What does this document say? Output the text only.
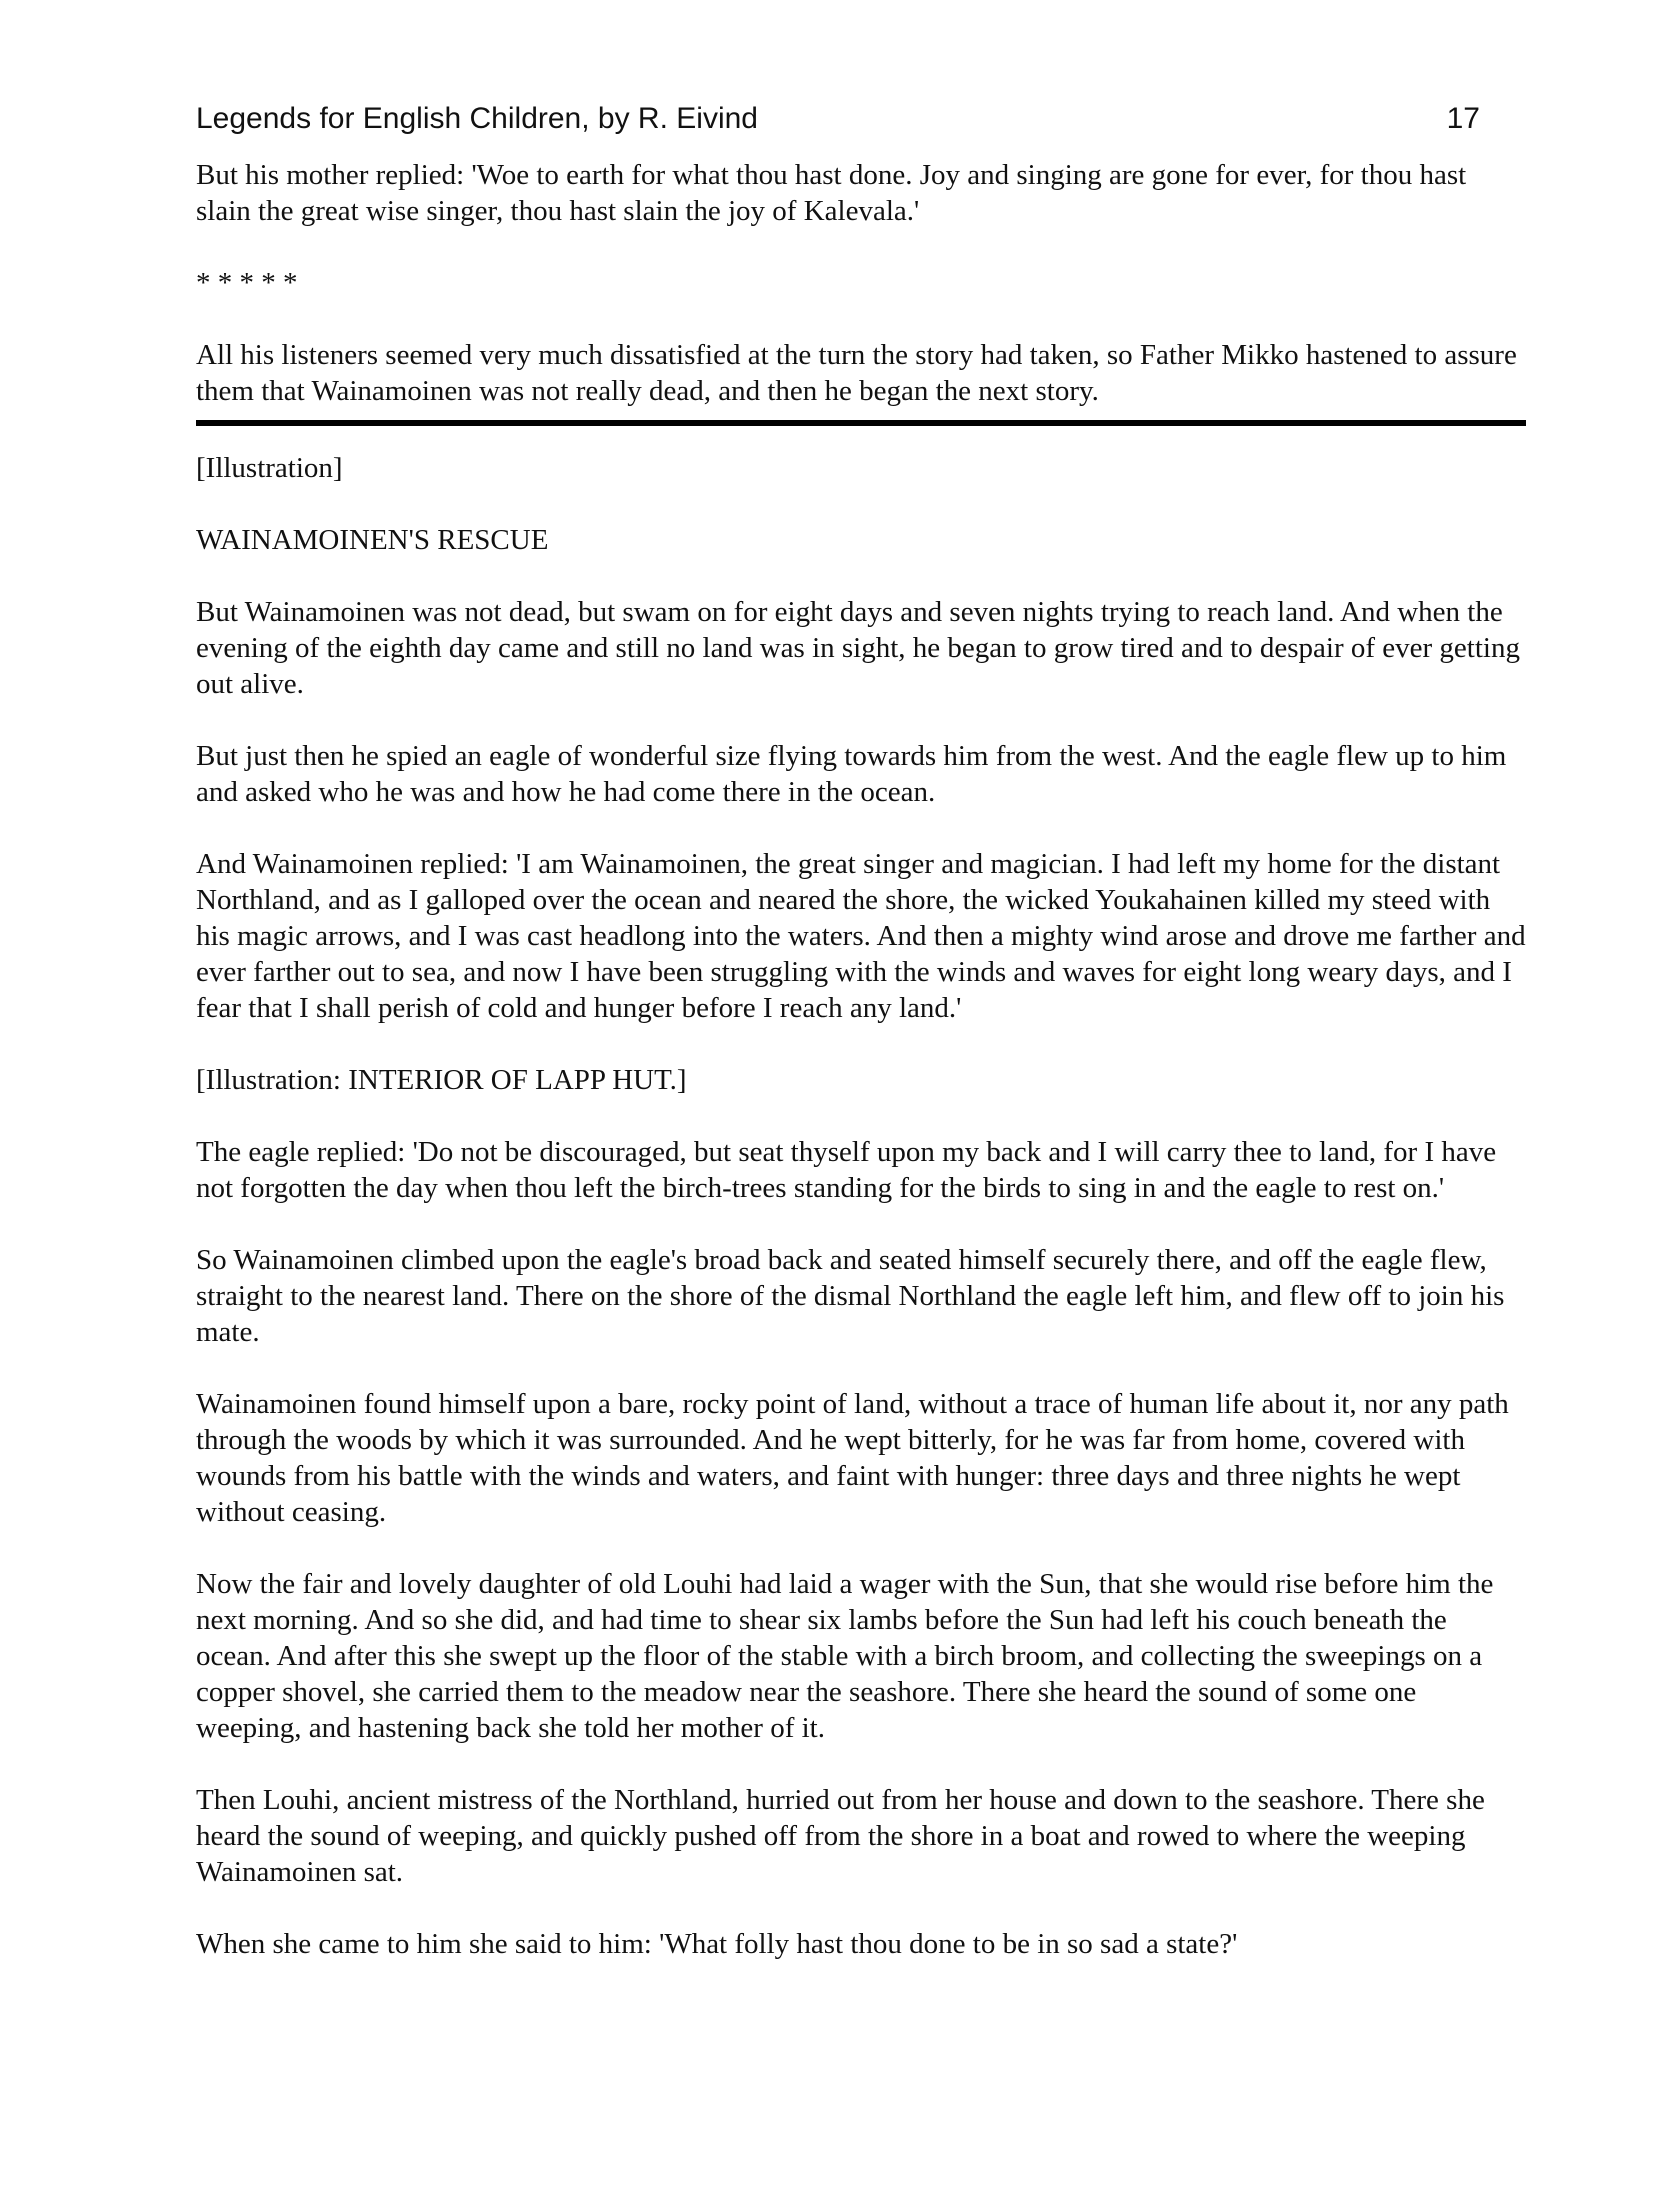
Legends for English Children, by R. Eivind	17

But his mother replied: 'Woe to earth for what thou hast done. Joy and singing are gone for ever, for thou hast slain the great wise singer, thou hast slain the joy of Kalevala.'

* * * * *

All his listeners seemed very much dissatisfied at the turn the story had taken, so Father Mikko hastened to assure them that Wainamoinen was not really dead, and then he began the next story.

[Illustration]

WAINAMOINEN'S RESCUE

But Wainamoinen was not dead, but swam on for eight days and seven nights trying to reach land. And when the evening of the eighth day came and still no land was in sight, he began to grow tired and to despair of ever getting out alive.

But just then he spied an eagle of wonderful size flying towards him from the west. And the eagle flew up to him and asked who he was and how he had come there in the ocean.

And Wainamoinen replied: 'I am Wainamoinen, the great singer and magician. I had left my home for the distant Northland, and as I galloped over the ocean and neared the shore, the wicked Youkahainen killed my steed with his magic arrows, and I was cast headlong into the waters. And then a mighty wind arose and drove me farther and ever farther out to sea, and now I have been struggling with the winds and waves for eight long weary days, and I fear that I shall perish of cold and hunger before I reach any land.'

[Illustration: INTERIOR OF LAPP HUT.]

The eagle replied: 'Do not be discouraged, but seat thyself upon my back and I will carry thee to land, for I have not forgotten the day when thou left the birch-trees standing for the birds to sing in and the eagle to rest on.'

So Wainamoinen climbed upon the eagle's broad back and seated himself securely there, and off the eagle flew, straight to the nearest land. There on the shore of the dismal Northland the eagle left him, and flew off to join his mate.

Wainamoinen found himself upon a bare, rocky point of land, without a trace of human life about it, nor any path through the woods by which it was surrounded. And he wept bitterly, for he was far from home, covered with wounds from his battle with the winds and waters, and faint with hunger: three days and three nights he wept without ceasing.

Now the fair and lovely daughter of old Louhi had laid a wager with the Sun, that she would rise before him the next morning. And so she did, and had time to shear six lambs before the Sun had left his couch beneath the ocean. And after this she swept up the floor of the stable with a birch broom, and collecting the sweepings on a copper shovel, she carried them to the meadow near the seashore. There she heard the sound of some one weeping, and hastening back she told her mother of it.

Then Louhi, ancient mistress of the Northland, hurried out from her house and down to the seashore. There she heard the sound of weeping, and quickly pushed off from the shore in a boat and rowed to where the weeping Wainamoinen sat.

When she came to him she said to him: 'What folly hast thou done to be in so sad a state?'
